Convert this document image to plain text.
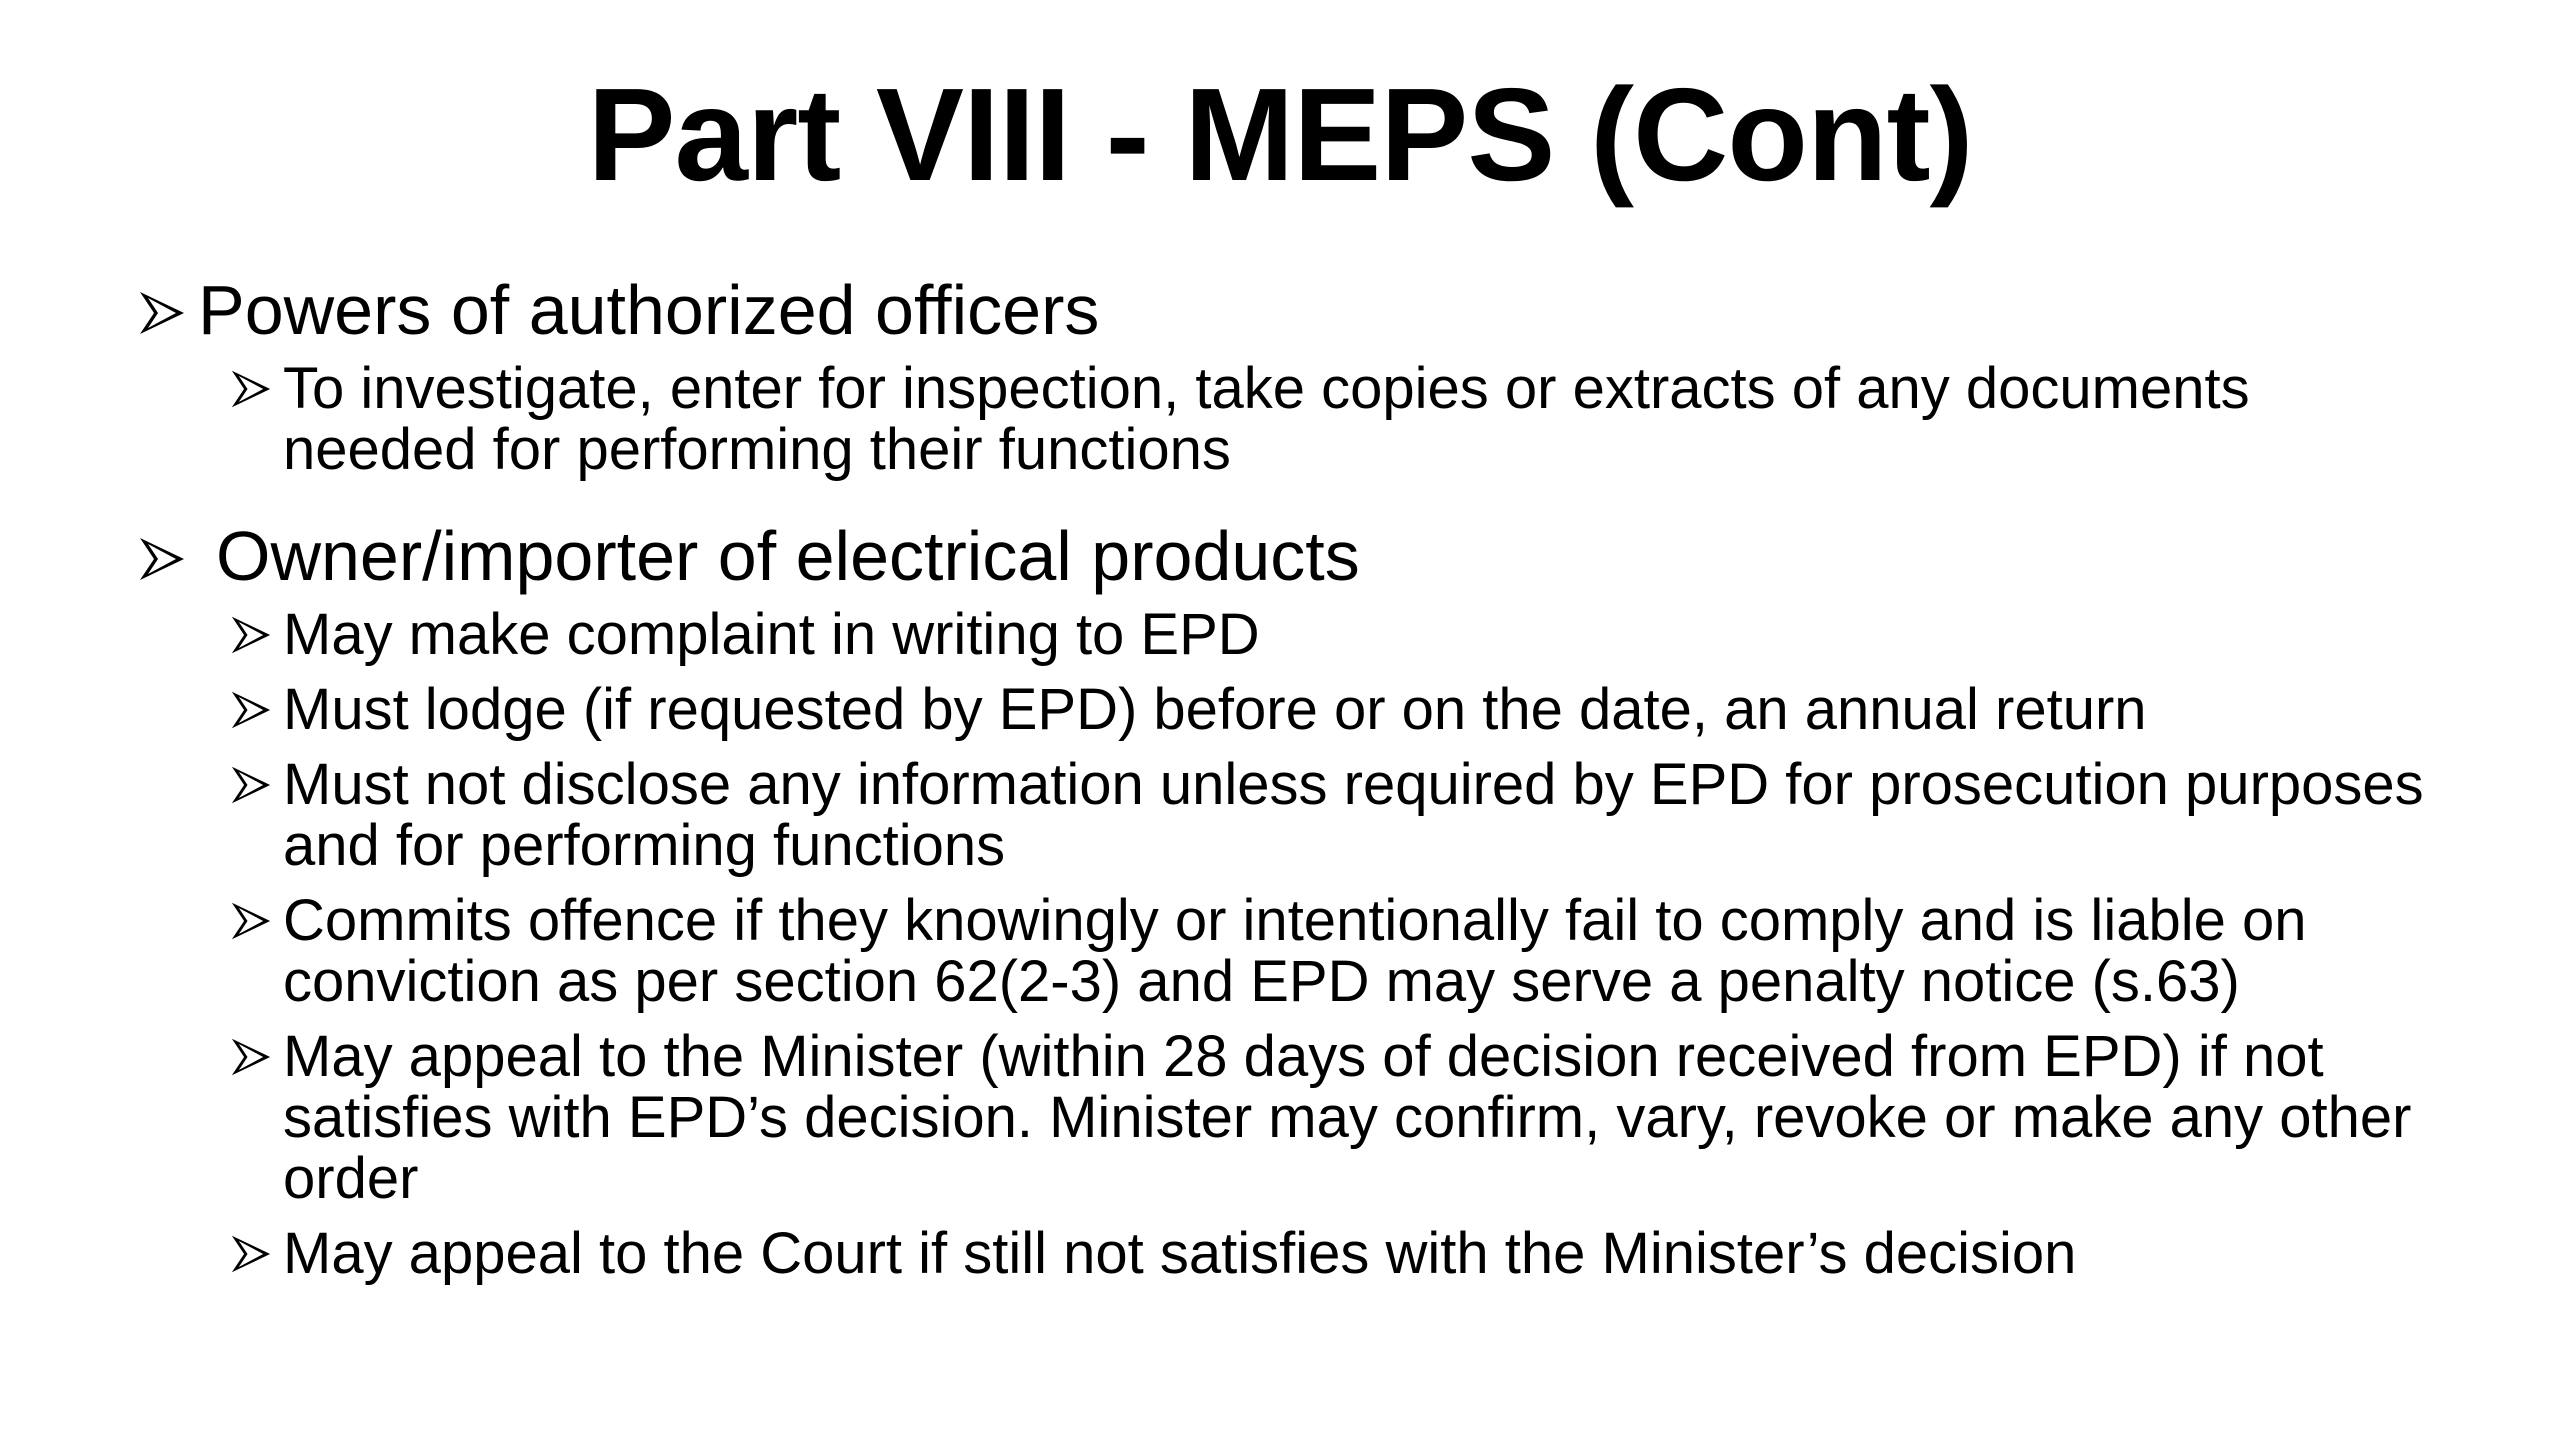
Part VIII - MEPS (Cont)
Powers of authorized officers
To investigate, enter for inspection, take copies or extracts of any documents needed for performing their functions
Owner/importer of electrical products
May make complaint in writing to EPD
Must lodge (if requested by EPD) before or on the date, an annual return
Must not disclose any information unless required by EPD for prosecution purposes and for performing functions
Commits offence if they knowingly or intentionally fail to comply and is liable on conviction as per section 62(2-3) and EPD may serve a penalty notice (s.63)
May appeal to the Minister (within 28 days of decision received from EPD) if not satisfies with EPD’s decision. Minister may confirm, vary, revoke or make any other order
May appeal to the Court if still not satisfies with the Minister’s decision
